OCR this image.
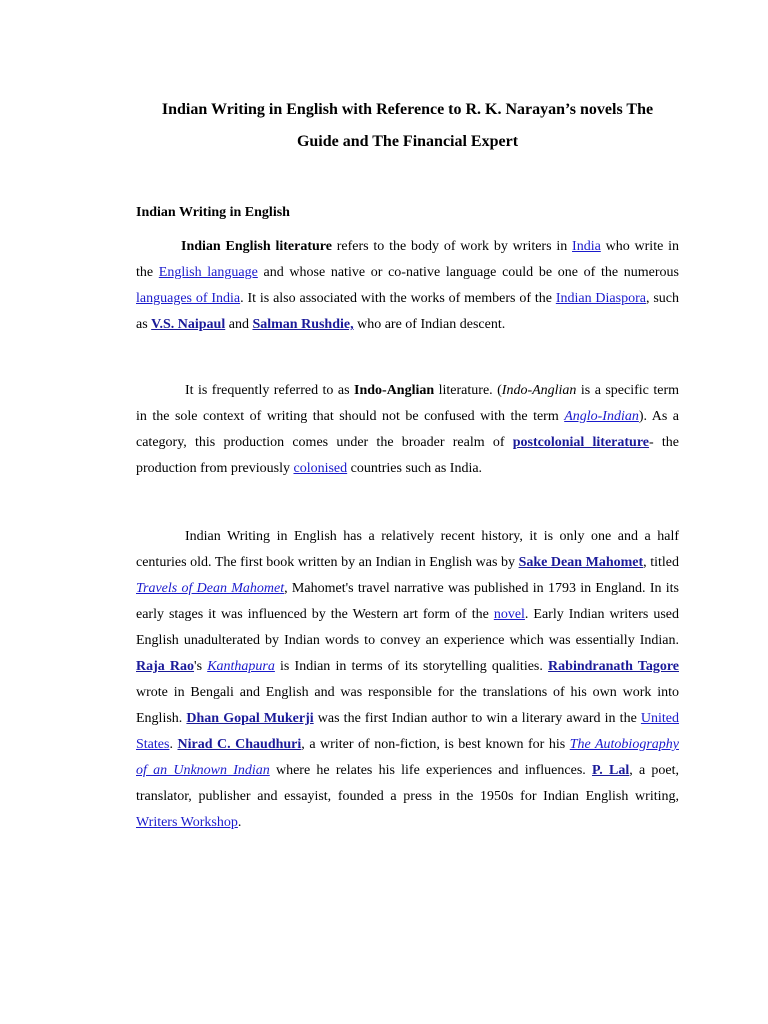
Indian Writing in English with Reference to R. K. Narayan’s novels The
Guide and The Financial Expert
Indian Writing in English

Indian English literature refers to the body of work by writers in India who write in the English language and whose native or co-native language could be one of the numerous languages of India. It is also associated with the works of members of the Indian Diaspora, such as V.S. Naipaul and Salman Rushdie, who are of Indian descent.

It is frequently referred to as Indo-Anglian literature. (Indo-Anglian is a specific term in the sole context of writing that should not be confused with the term Anglo-Indian). As a category, this production comes under the broader realm of postcolonial literature- the production from previously colonised countries such as India.

Indian Writing in English has a relatively recent history, it is only one and a half centuries old. The first book written by an Indian in English was by Sake Dean Mahomet, titled Travels of Dean Mahomet, Mahomet's travel narrative was published in 1793 in England. In its early stages it was influenced by the Western art form of the novel. Early Indian writers used English unadulterated by Indian words to convey an experience which was essentially Indian. Raja Rao's Kanthapura is Indian in terms of its storytelling qualities. Rabindranath Tagore wrote in Bengali and English and was responsible for the translations of his own work into English. Dhan Gopal Mukerji was the first Indian author to win a literary award in the United States. Nirad C. Chaudhuri, a writer of non-fiction, is best known for his The Autobiography of an Unknown Indian where he relates his life experiences and influences. P. Lal, a poet, translator, publisher and essayist, founded a press in the 1950s for Indian English writing, Writers Workshop.
